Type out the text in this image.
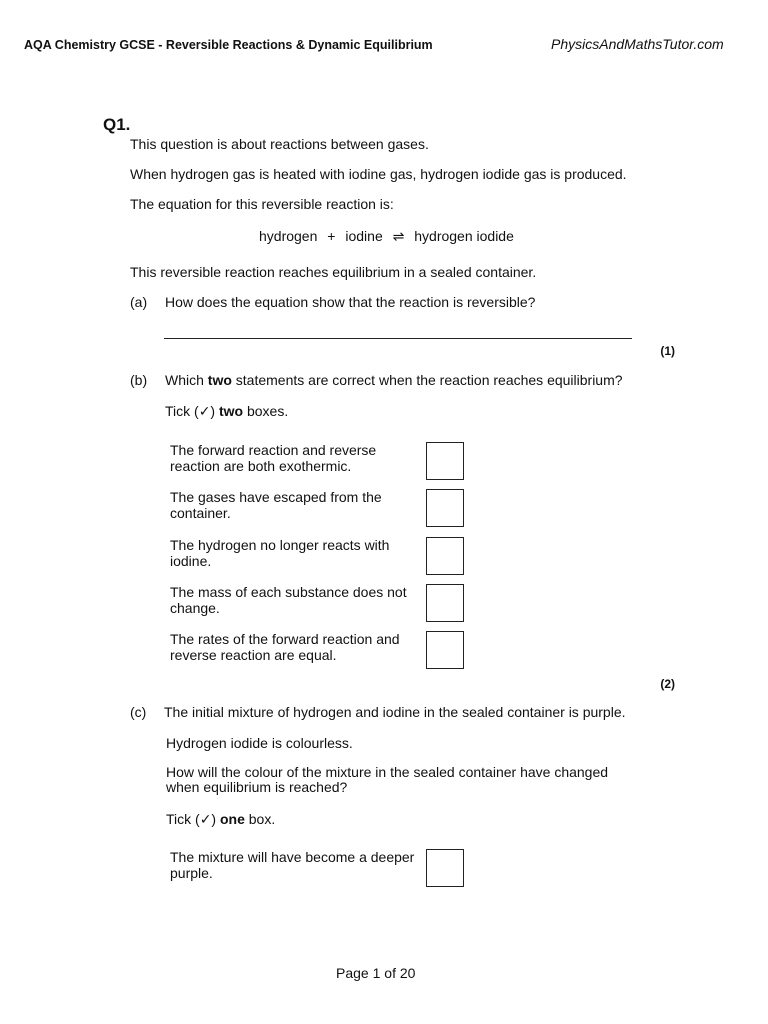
AQA Chemistry GCSE - Reversible Reactions & Dynamic Equilibrium	PhysicsAndMathsTutor.com
Q1.
This question is about reactions between gases.
When hydrogen gas is heated with iodine gas, hydrogen iodide gas is produced.
The equation for this reversible reaction is:
hydrogen + iodine ⇌ hydrogen iodide
This reversible reaction reaches equilibrium in a sealed container.
(a) How does the equation show that the reaction is reversible?
(1)
(b) Which two statements are correct when the reaction reaches equilibrium?
Tick (✓) two boxes.
The forward reaction and reverse reaction are both exothermic.
The gases have escaped from the container.
The hydrogen no longer reacts with iodine.
The mass of each substance does not change.
The rates of the forward reaction and reverse reaction are equal.
(2)
(c) The initial mixture of hydrogen and iodine in the sealed container is purple.
Hydrogen iodide is colourless.
How will the colour of the mixture in the sealed container have changed
when equilibrium is reached?
Tick (✓) one box.
The mixture will have become a deeper purple.
Page 1 of 20
